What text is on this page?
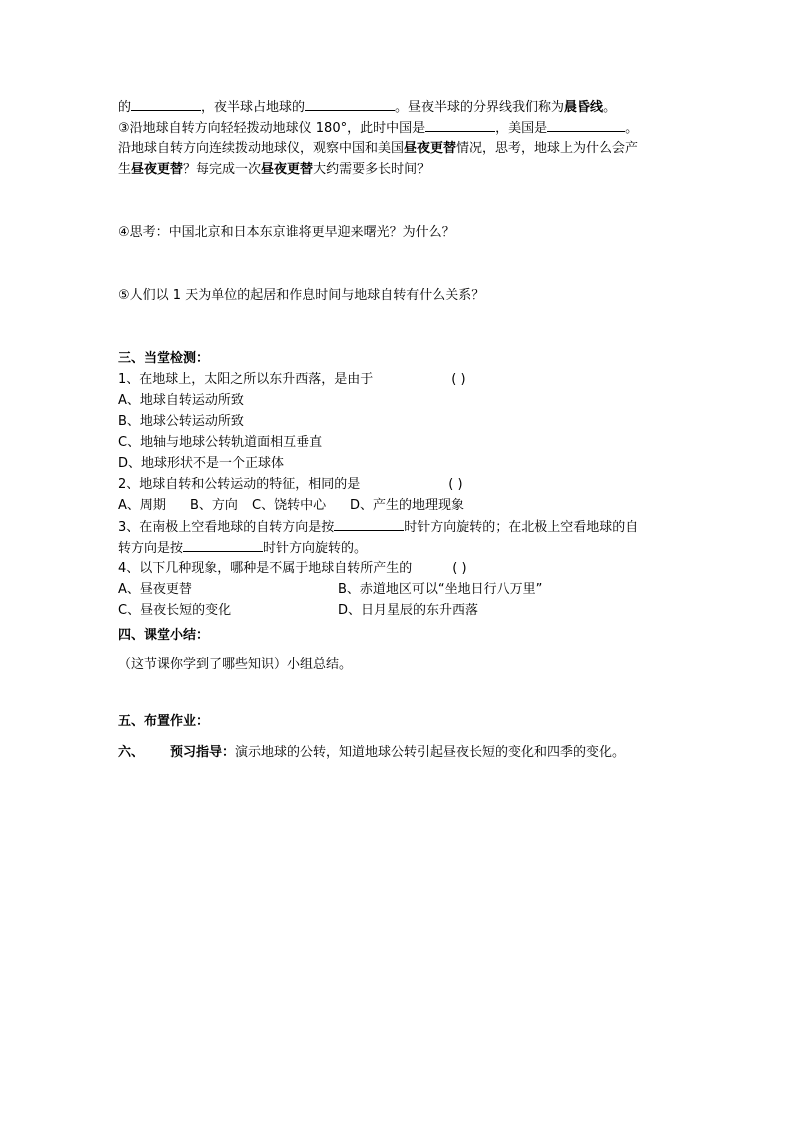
的	，夜半球占地球的	。昼夜半球的分界线我们称为晨昏线。
③沿地球自转方向轻轻拨动地球仪 180°，此时中国是	，美国是	。
沿地球自转方向连续拨动地球仪，观察中国和美国昼夜更替情况，思考，地球上为什么会产
生昼夜更替？每完成一次昼夜更替大约需要多长时间？
④思考：中国北京和日本东京谁将更早迎来曙光？为什么？
⑤人们以 1 天为单位的起居和作息时间与地球自转有什么关系？
三、当堂检测：
1、在地球上，太阳之所以东升西落，是由于	( )
A、地球自转运动所致
B、地球公转运动所致
C、地轴与地球公转轨道面相互垂直
D、地球形状不是一个正球体
2、地球自转和公转运动的特征，相同的是	( )
A、周期 B、方向 C、饶转中心 D、产生的地理现象
3、在南极上空看地球的自转方向是按	时针方向旋转的；在北极上空看地球的自
转方向是按	时针方向旋转的。
4、以下几种现象，哪种是不属于地球自转所产生的	( )
A、昼夜更替	B、赤道地区可以“坐地日行八万里”
C、昼夜长短的变化	D、日月星辰的东升西落
四、课堂小结：
（这节课你学到了哪些知识）小组总结。
五、布置作业：
六、 预习指导：演示地球的公转，知道地球公转引起昼夜长短的变化和四季的变化。
